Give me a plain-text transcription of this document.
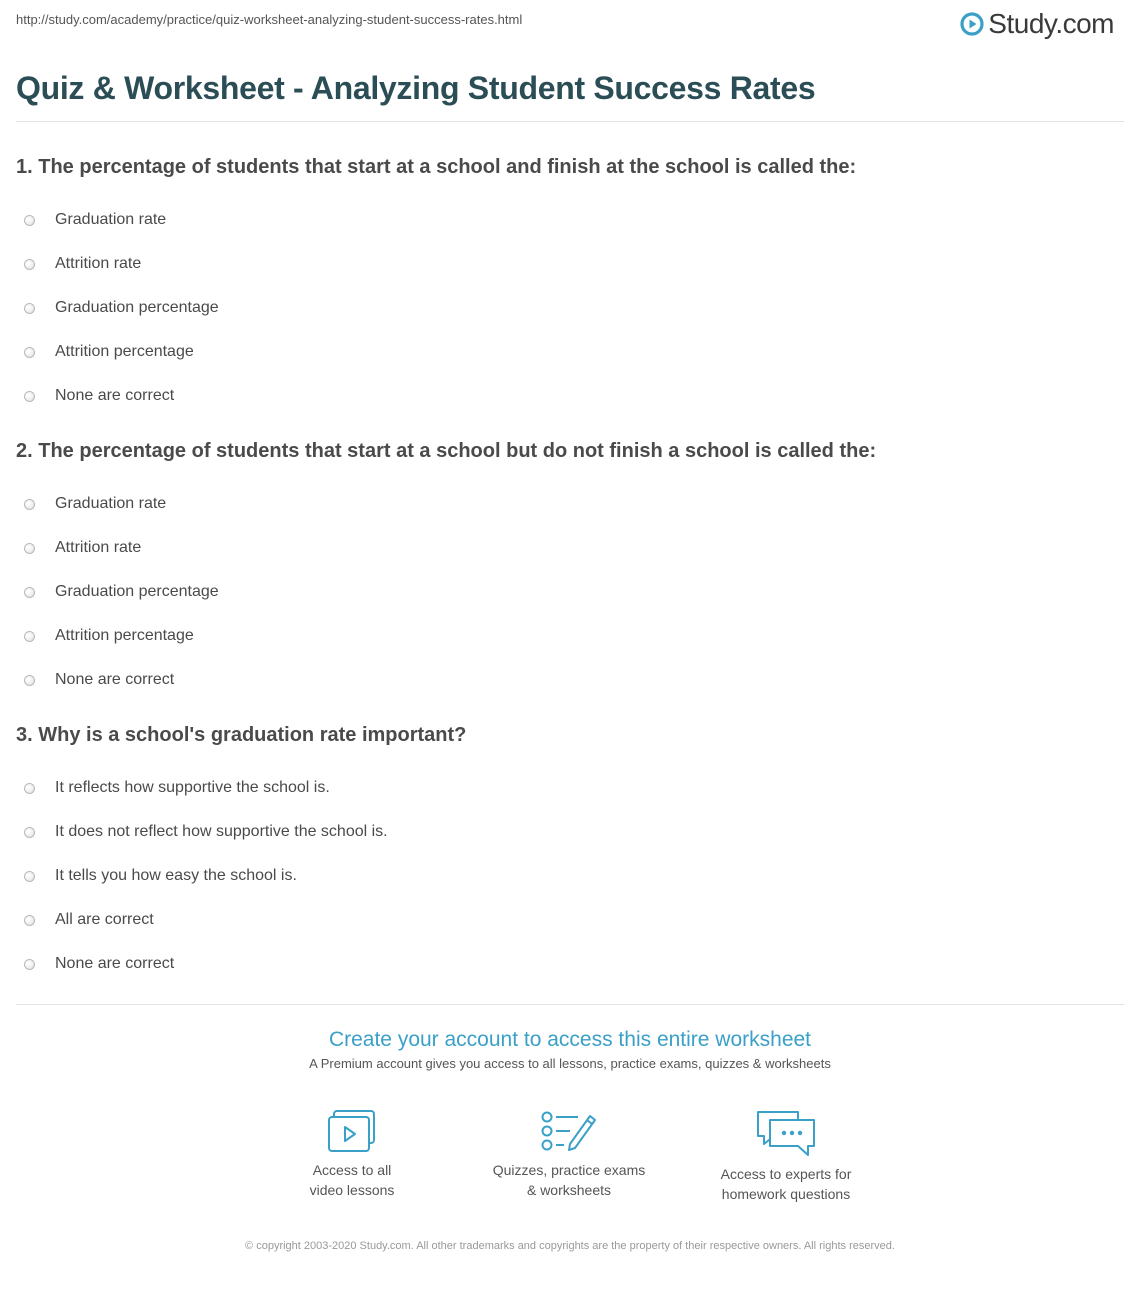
http://study.com/academy/practice/quiz-worksheet-analyzing-student-success-rates.html	Study.com
Quiz & Worksheet - Analyzing Student Success Rates
1. The percentage of students that start at a school and finish at the school is called the:
Graduation rate
Attrition rate
Graduation percentage
Attrition percentage
None are correct
2. The percentage of students that start at a school but do not finish a school is called the:
Graduation rate
Attrition rate
Graduation percentage
Attrition percentage
None are correct
3. Why is a school's graduation rate important?
It reflects how supportive the school is.
It does not reflect how supportive the school is.
It tells you how easy the school is.
All are correct
None are correct
Create your account to access this entire worksheet
A Premium account gives you access to all lessons, practice exams, quizzes & worksheets
Access to all
video lessons
Quizzes, practice exams
& worksheets
Access to experts for
homework questions
© copyright 2003-2020 Study.com. All other trademarks and copyrights are the property of their respective owners. All rights reserved.
